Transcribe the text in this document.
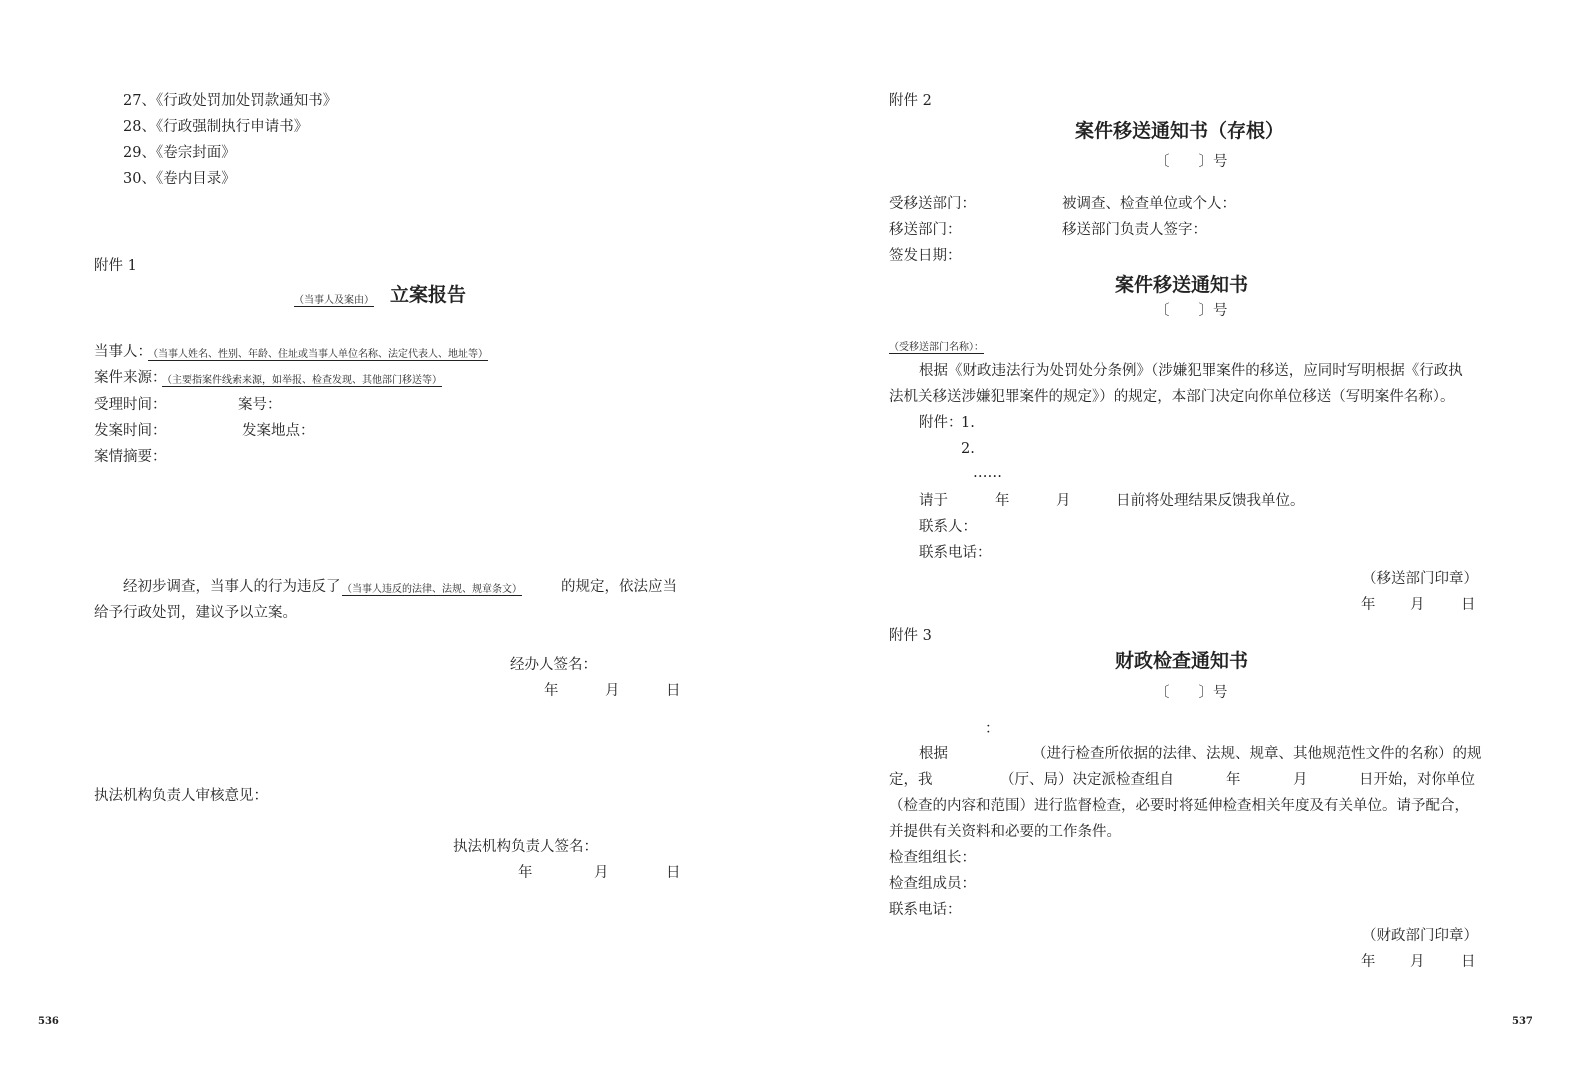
27、《行政处罚加处罚款通知书》
28、《行政强制执行申请书》
29、《卷宗封面》
30、《卷内目录》
附件 1
（当事人及案由） 立案报告
当事人：
（当事人姓名、性别、年龄、住址或当事人单位名称、法定代表人、地址等）
案件来源：
（主要指案件线索来源，如举报、检查发现、其他部门移送等）
受理时间：	案号：
发案时间：	发案地点：
案情摘要：
经初步调查，当事人的行为违反了 （当事人违反的法律、法规、规章条文）	的规定，依法应当
给予行政处罚，建议予以立案。
经办人签名：
年	月	日
执法机构负责人审核意见：
执法机构负责人签名：
年	月	日
536
附件 2
案件移送通知书（存根）
〔　　〕号
受移送部门：	被调查、检查单位或个人：
移送部门：	移送部门负责人签字：
签发日期：
案件移送通知书
〔　　〕号
（受移送部门名称）：
根据《财政违法行为处罚处分条例》（涉嫌犯罪案件的移送，应同时写明根据《行政执
法机关移送涉嫌犯罪案件的规定》）的规定，本部门决定向你单位移送（写明案件名称）。
附件：
1.
2.
……
请于	年	月	日前将处理结果反馈我单位。
联系人：
联系电话：
（移送部门印章）
年 月	日
附件 3
财政检查通知书
〔　　〕号
：
根据	（进行检查所依据的法律、法规、规章、其他规范性文件的名称）的规
定，我	（厅、局）决定派检查组自	年	月	日开始，对你单位
（检查的内容和范围）进行监督检查，必要时将延伸检查相关年度及有关单位。请予配合，
并提供有关资料和必要的工作条件。
检查组组长：
检查组成员：
联系电话：
（财政部门印章）
年 月	日
537
